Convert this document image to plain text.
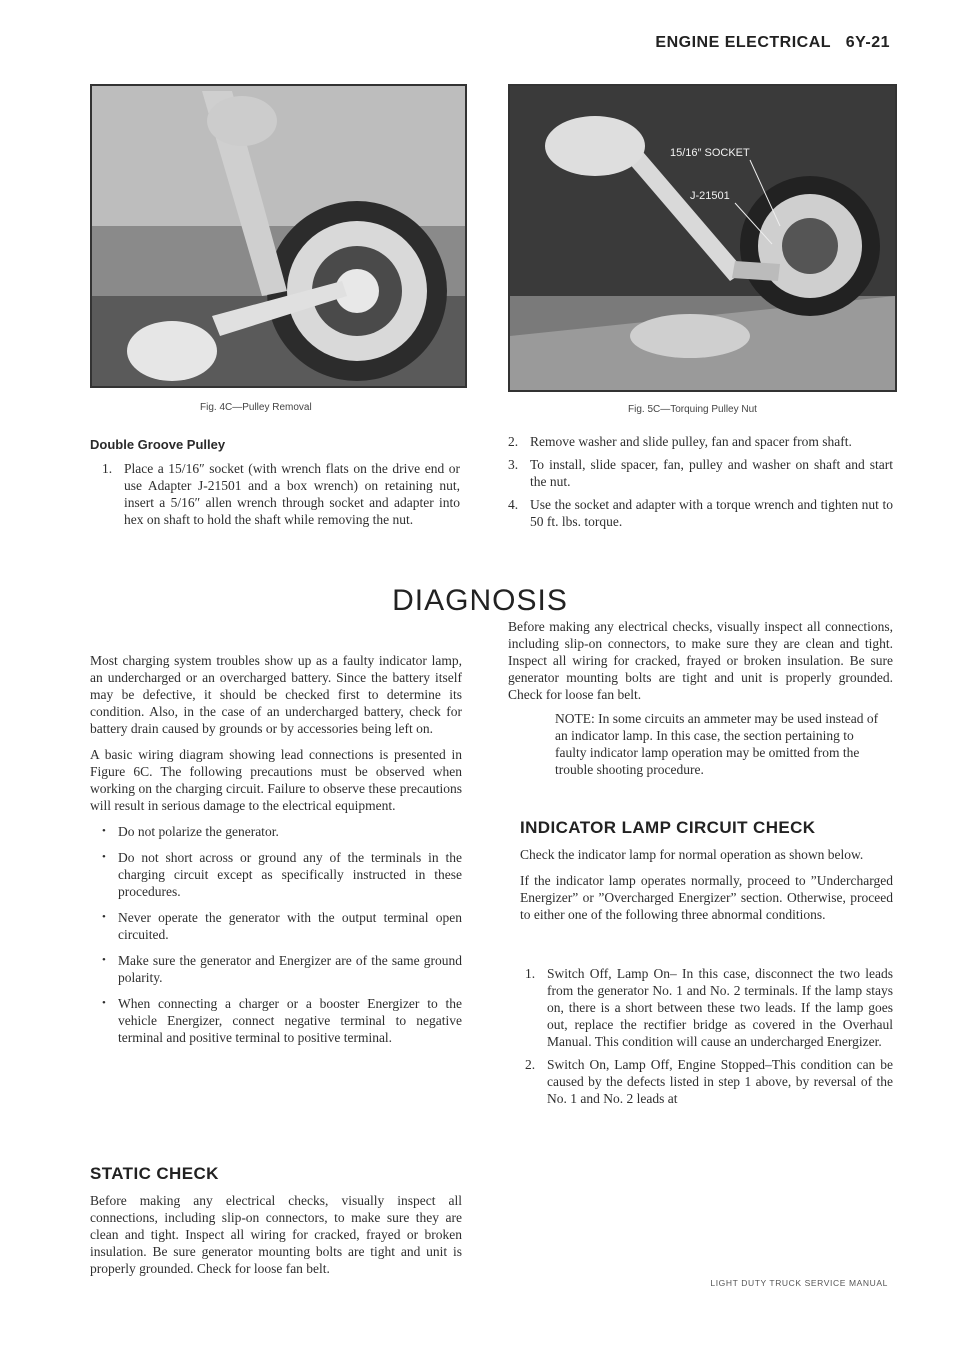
ENGINE ELECTRICAL 6Y-21
Fig. 4C—Pulley Removal
15/16″ SOCKET
J-21501
Fig. 5C—Torquing Pulley Nut
Double Groove Pulley
1. Place a 15/16″ socket (with wrench flats on the drive end or use Adapter J-21501 and a box wrench) on retaining nut, insert a 5/16″ allen wrench through socket and adapter into hex on shaft to hold the shaft while removing the nut.
2. Remove washer and slide pulley, fan and spacer from shaft.
3. To install, slide spacer, fan, pulley and washer on shaft and start the nut.
4. Use the socket and adapter with a torque wrench and tighten nut to 50 ft. lbs. torque.
DIAGNOSIS

Most charging system troubles show up as a faulty indicator lamp, an undercharged or an overcharged battery. Since the battery itself may be defective, it should be checked first to determine its condition. Also, in the case of an undercharged battery, check for battery drain caused by grounds or by accessories being left on.

A basic wiring diagram showing lead connections is presented in Figure 6C. The following precautions must be observed when working on the charging circuit. Failure to observe these precautions will result in serious damage to the electrical equipment.

• Do not polarize the generator.
• Do not short across or ground any of the terminals in the charging circuit except as specifically instructed in these procedures.
• Never operate the generator with the output terminal open circuited.
• Make sure the generator and Energizer are of the same ground polarity.
• When connecting a charger or a booster Energizer to the vehicle Energizer, connect negative terminal to negative terminal and positive terminal to positive terminal.
STATIC CHECK
Before making any electrical checks, visually inspect all connections, including slip-on connectors, to make sure they are clean and tight. Inspect all wiring for cracked, frayed or broken insulation. Be sure generator mounting bolts are tight and unit is properly grounded. Check for loose fan belt.
Before making any electrical checks, visually inspect all connections, including slip-on connectors, to make sure they are clean and tight. Inspect all wiring for cracked, frayed or broken insulation. Be sure generator mounting bolts are tight and unit is properly grounded. Check for loose fan belt.
NOTE: In some circuits an ammeter may be used instead of an indicator lamp. In this case, the section pertaining to faulty indicator lamp operation may be omitted from the trouble shooting procedure.
INDICATOR LAMP CIRCUIT CHECK

Check the indicator lamp for normal operation as shown below.

If the indicator lamp operates normally, proceed to ”Undercharged Energizer” or ”Overcharged Energizer” section. Otherwise, proceed to either one of the following three abnormal conditions.

1. Switch Off, Lamp On– In this case, disconnect the two leads from the generator No. 1 and No. 2 terminals. If the lamp stays on, there is a short between these two leads. If the lamp goes out, replace the rectifier bridge as covered in the Overhaul Manual. This condition will cause an undercharged Energizer.
2. Switch On, Lamp Off, Engine Stopped–This condition can be caused by the defects listed in step 1 above, by reversal of the No. 1 and No. 2 leads at
LIGHT DUTY TRUCK SERVICE MANUAL
